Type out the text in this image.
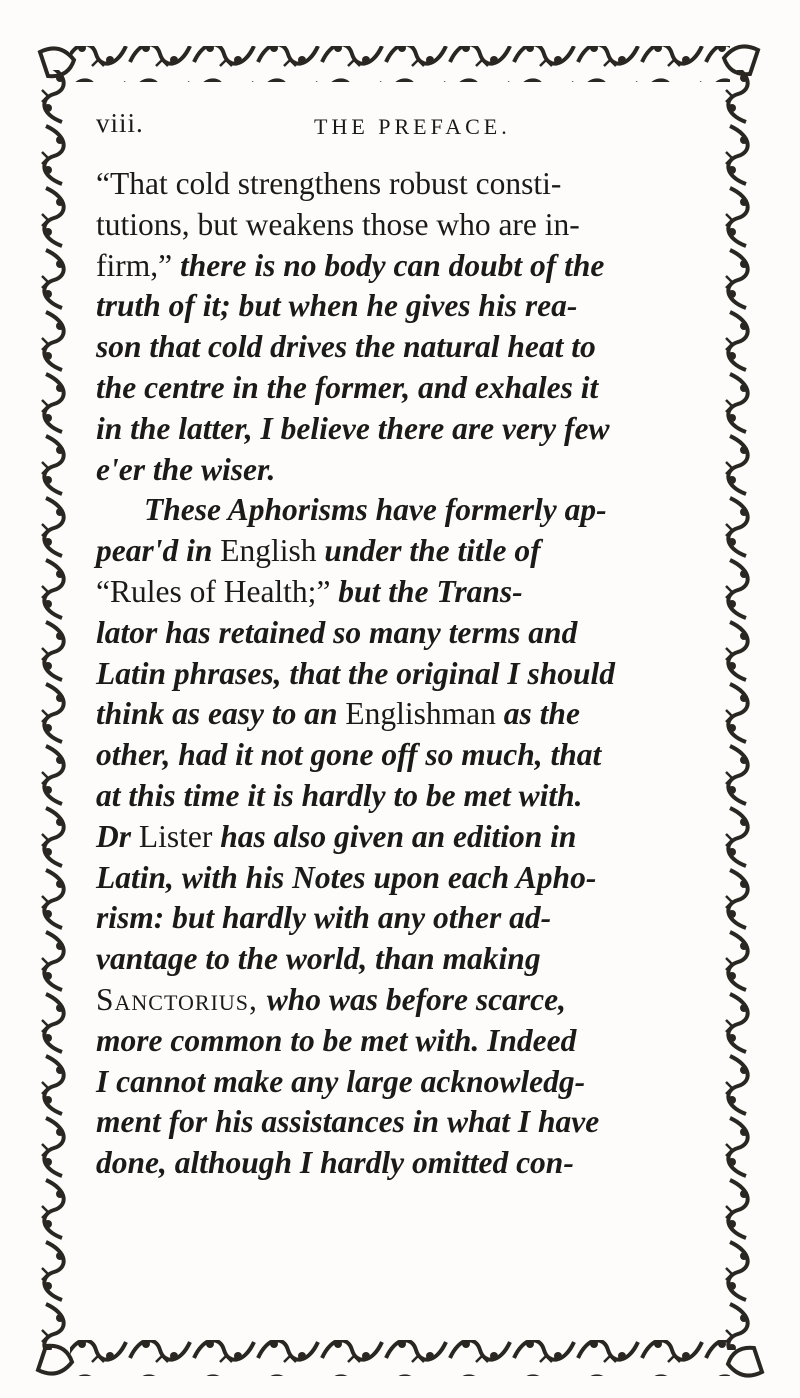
viii.	THE PREFACE.
“That cold strengthens robust consti-
tutions, but weakens those who are in-
firm,” there is no body can doubt of the
truth of it; but when he gives his rea-
son that cold drives the natural heat to
the centre in the former, and exhales it
in the latter, I believe there are very few
e'er the wiser.
These Aphorisms have formerly ap-
pear'd in English under the title of
“Rules of Health;” but the Trans-
lator has retained so many terms and
Latin phrases, that the original I should
think as easy to an Englishman as the
other, had it not gone off so much, that
at this time it is hardly to be met with.
Dr Lister has also given an edition in
Latin, with his Notes upon each Apho-
rism: but hardly with any other ad-
vantage to the world, than making
Sanctorius, who was before scarce,
more common to be met with. Indeed
I cannot make any large acknowledg-
ment for his assistances in what I have
done, although I hardly omitted con-
